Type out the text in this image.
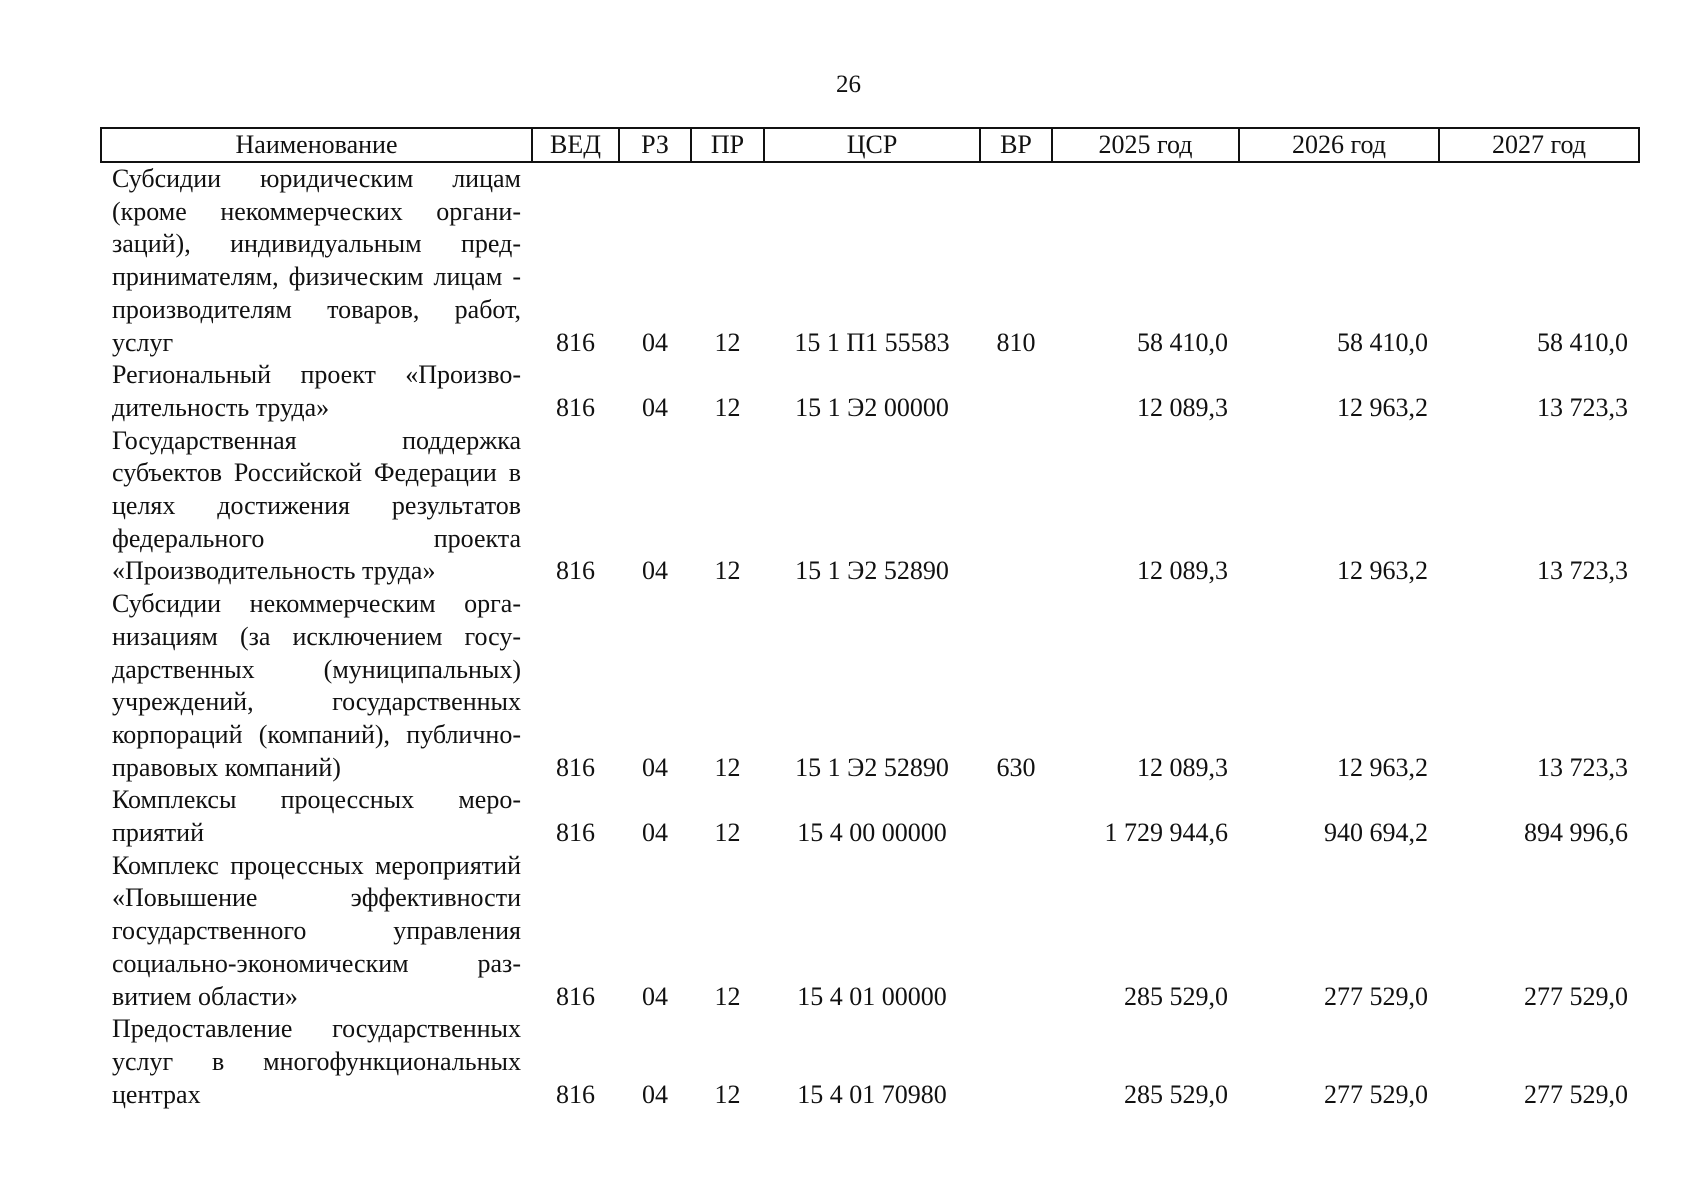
26
Наименование	ВЕД	РЗ	ПР	ЦСР	ВР	2025 год	2026 год	2027 год
Субсидии юридическим лицам (кроме некоммерческих организаций), индивидуальным предпринимателям, физическим лицам - производителям товаров, работ, услуг	816	04	12	15 1 П1 55583	810	58 410,0	58 410,0	58 410,0
Региональный проект «Производительность труда»	816	04	12	15 1 Э2 00000		12 089,3	12 963,2	13 723,3
Государственная поддержка субъектов Российской Федерации в целях достижения результатов федерального проекта «Производительность труда»	816	04	12	15 1 Э2 52890		12 089,3	12 963,2	13 723,3
Субсидии некоммерческим организациям (за исключением государственных (муниципальных) учреждений, государственных корпораций (компаний), публично-правовых компаний)	816	04	12	15 1 Э2 52890	630	12 089,3	12 963,2	13 723,3
Комплексы процессных мероприятий	816	04	12	15 4 00 00000		1 729 944,6	940 694,2	894 996,6
Комплекс процессных мероприятий «Повышение эффективности государственного управления социально-экономическим развитием области»	816	04	12	15 4 01 00000		285 529,0	277 529,0	277 529,0
Предоставление государственных услуг в многофункциональных центрах	816	04	12	15 4 01 70980		285 529,0	277 529,0	277 529,0
